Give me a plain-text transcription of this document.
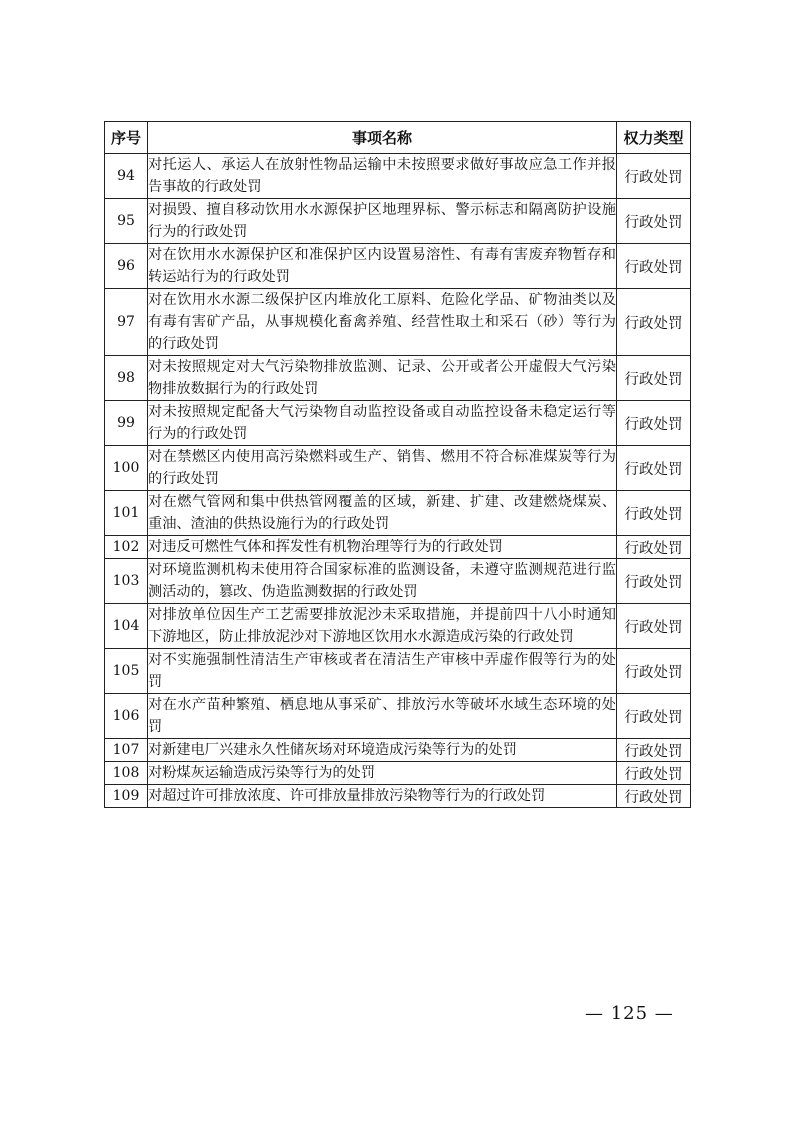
序号	事项名称	权力类型
94	对托运人、承运人在放射性物品运输中未按照要求做好事故应急工作并报告事故的行政处罚	行政处罚
95	对损毁、擅自移动饮用水水源保护区地理界标、警示标志和隔离防护设施行为的行政处罚	行政处罚
96	对在饮用水水源保护区和准保护区内设置易溶性、有毒有害废弃物暂存和转运站行为的行政处罚	行政处罚
97	对在饮用水水源二级保护区内堆放化工原料、危险化学品、矿物油类以及有毒有害矿产品，从事规模化畜禽养殖、经营性取土和采石（砂）等行为的行政处罚	行政处罚
98	对未按照规定对大气污染物排放监测、记录、公开或者公开虚假大气污染物排放数据行为的行政处罚	行政处罚
99	对未按照规定配备大气污染物自动监控设备或自动监控设备未稳定运行等行为的行政处罚	行政处罚
100	对在禁燃区内使用高污染燃料或生产、销售、燃用不符合标准煤炭等行为的行政处罚	行政处罚
101	对在燃气管网和集中供热管网覆盖的区域，新建、扩建、改建燃烧煤炭、重油、渣油的供热设施行为的行政处罚	行政处罚
102	对违反可燃性气体和挥发性有机物治理等行为的行政处罚	行政处罚
103	对环境监测机构未使用符合国家标准的监测设备，未遵守监测规范进行监测活动的，篡改、伪造监测数据的行政处罚	行政处罚
104	对排放单位因生产工艺需要排放泥沙未采取措施，并提前四十八小时通知下游地区，防止排放泥沙对下游地区饮用水水源造成污染的行政处罚	行政处罚
105	对不实施强制性清洁生产审核或者在清洁生产审核中弄虚作假等行为的处罚	行政处罚
106	对在水产苗种繁殖、栖息地从事采矿、排放污水等破坏水域生态环境的处罚	行政处罚
107	对新建电厂兴建永久性储灰场对环境造成污染等行为的处罚	行政处罚
108	对粉煤灰运输造成污染等行为的处罚	行政处罚
109	对超过许可排放浓度、许可排放量排放污染物等行为的行政处罚	行政处罚
— 125 —
